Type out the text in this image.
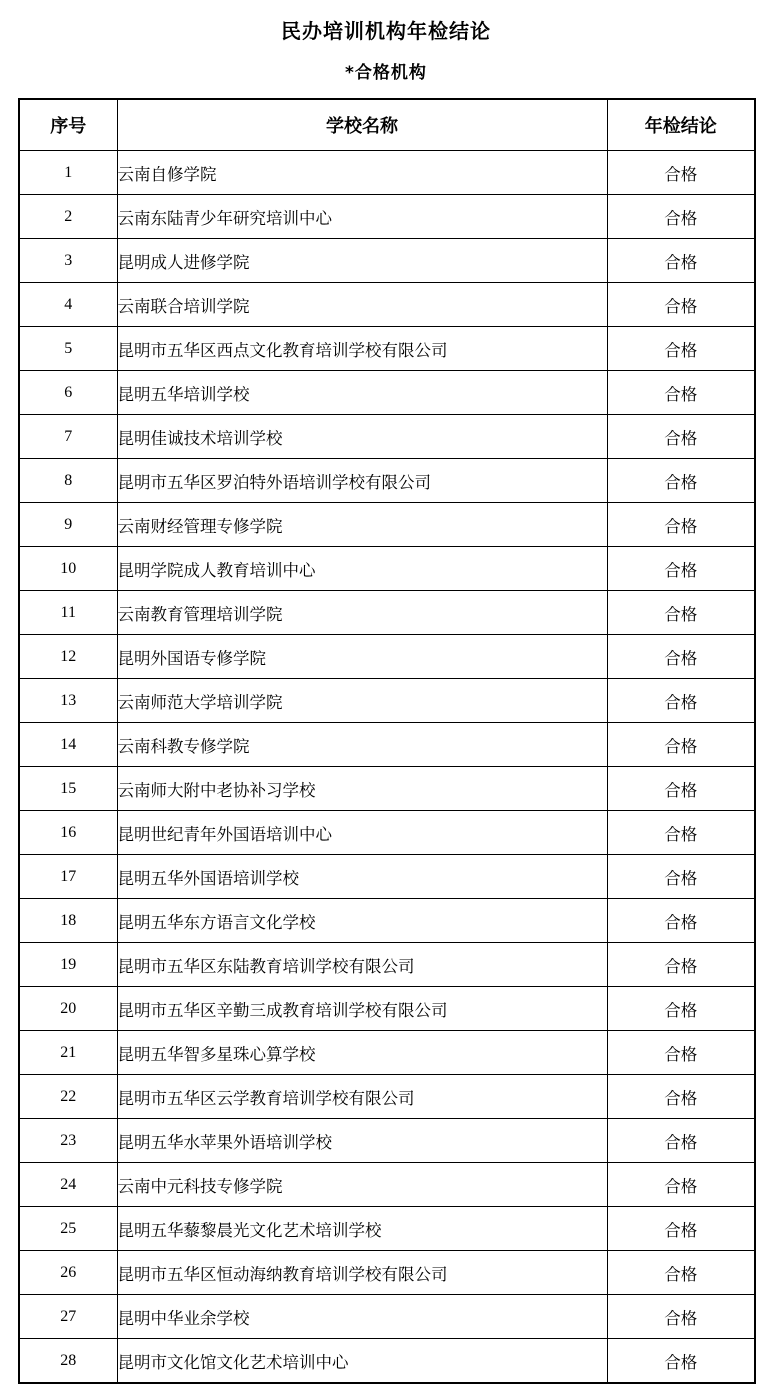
民办培训机构年检结论
*合格机构
序号	学校名称	年检结论
1	云南自修学院	合格
2	云南东陆青少年研究培训中心	合格
3	昆明成人进修学院	合格
4	云南联合培训学院	合格
5	昆明市五华区西点文化教育培训学校有限公司	合格
6	昆明五华培训学校	合格
7	昆明佳诚技术培训学校	合格
8	昆明市五华区罗泊特外语培训学校有限公司	合格
9	云南财经管理专修学院	合格
10	昆明学院成人教育培训中心	合格
11	云南教育管理培训学院	合格
12	昆明外国语专修学院	合格
13	云南师范大学培训学院	合格
14	云南科教专修学院	合格
15	云南师大附中老协补习学校	合格
16	昆明世纪青年外国语培训中心	合格
17	昆明五华外国语培训学校	合格
18	昆明五华东方语言文化学校	合格
19	昆明市五华区东陆教育培训学校有限公司	合格
20	昆明市五华区辛勤三成教育培训学校有限公司	合格
21	昆明五华智多星珠心算学校	合格
22	昆明市五华区云学教育培训学校有限公司	合格
23	昆明五华水苹果外语培训学校	合格
24	云南中元科技专修学院	合格
25	昆明五华藜黎晨光文化艺术培训学校	合格
26	昆明市五华区恒动海纳教育培训学校有限公司	合格
27	昆明中华业余学校	合格
28	昆明市文化馆文化艺术培训中心	合格
